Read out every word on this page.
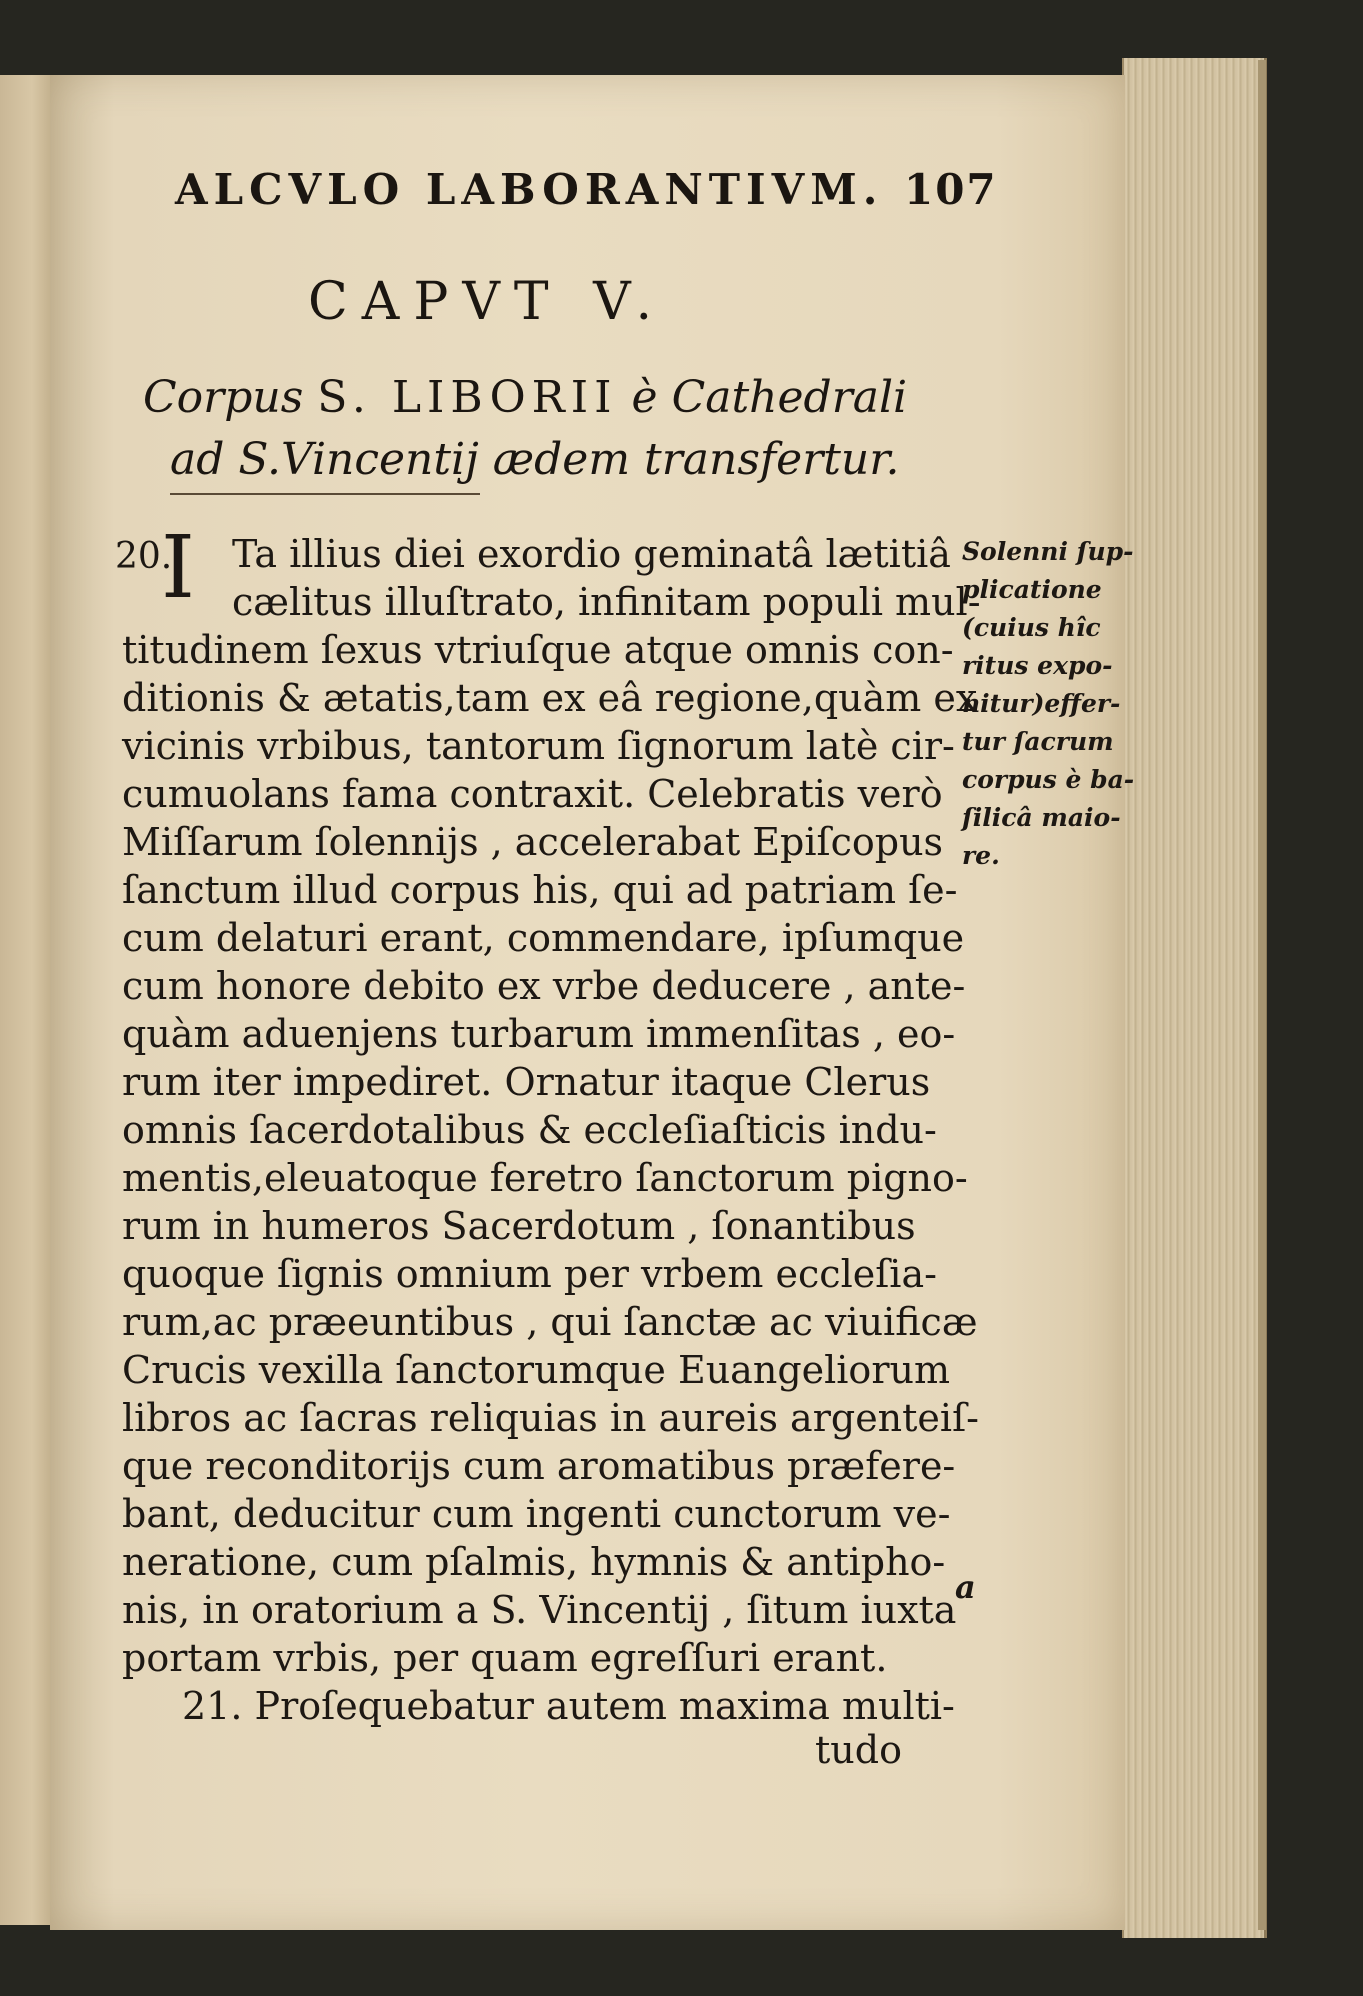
ALCVLO LABORANTIVM. 107
CAPVT V.
Corpus S. LIBORII è Cathedrali
ad S.Vincentij ædem transfertur.
20.
I Ta illius diei exordio geminatâ lætitiâ
cælitus illuſtrato, infinitam populi mul-
titudinem ſexus vtriuſque atque omnis con-
ditionis & ætatis,tam ex eâ regione,quàm ex
vicinis vrbibus, tantorum ſignorum latè cir-
cumuolans fama contraxit. Celebratis verò
Miſſarum ſolennijs , accelerabat Epiſcopus
ſanctum illud corpus his, qui ad patriam ſe-
cum delaturi erant, commendare, ipſumque
cum honore debito ex vrbe deducere , ante-
quàm aduenjens turbarum immenſitas , eo-
rum iter impediret. Ornatur itaque Clerus
omnis ſacerdotalibus & eccleſiaſticis indu-
mentis,eleuatoque feretro ſanctorum pigno-
rum in humeros Sacerdotum , ſonantibus
quoque ſignis omnium per vrbem eccleſia-
rum,ac præeuntibus , qui ſanctæ ac viuificæ
Crucis vexilla ſanctorumque Euangeliorum
libros ac ſacras reliquias in aureis argenteiſ-
que reconditorijs cum aromatibus præfere-
bant, deducitur cum ingenti cunctorum ve-
neratione, cum pſalmis, hymnis & antipho-
nis, in oratorium a S. Vincentij , ſitum iuxta
portam vrbis, per quam egreſſuri erant.
21. Proſequebatur autem maxima multi-
tudo
a
Solenni ſup-
plicatione
(cuius hîc
ritus expo-
nitur)effer-
tur ſacrum
corpus è ba-
ſilicâ maio-
re.
